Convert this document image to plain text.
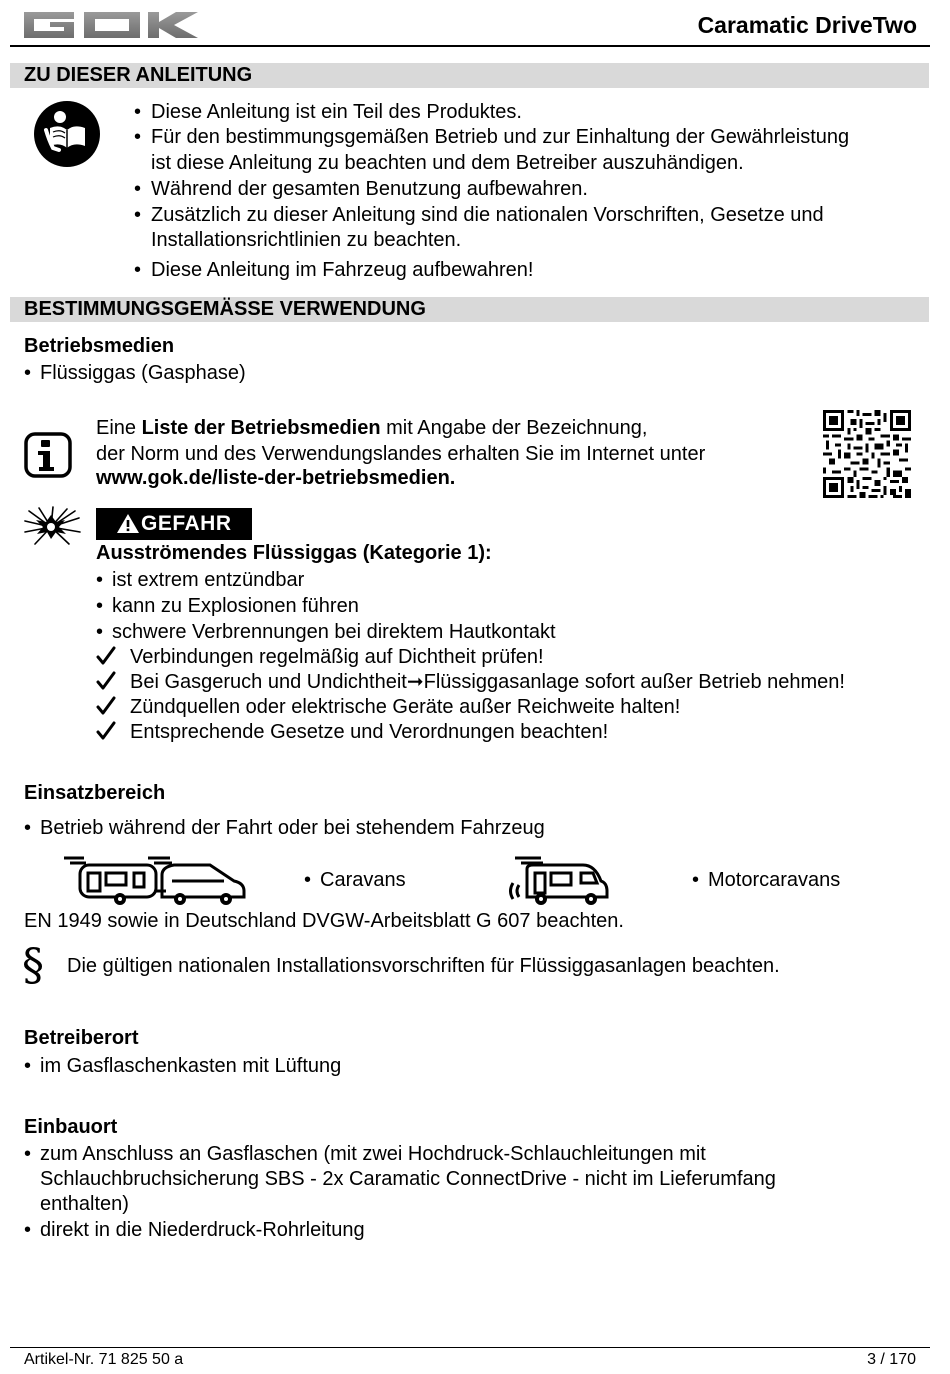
Caramatic DriveTwo
ZU DIESER ANLEITUNG
• Diese Anleitung ist ein Teil des Produktes.
• Für den bestimmungsgemäßen Betrieb und zur Einhaltung der Gewährleistung
ist diese Anleitung zu beachten und dem Betreiber auszuhändigen.
• Während der gesamten Benutzung aufbewahren.
• Zusätzlich zu dieser Anleitung sind die nationalen Vorschriften, Gesetze und
Installationsrichtlinien zu beachten.
• Diese Anleitung im Fahrzeug aufbewahren!
BESTIMMUNGSGEMÄSSE VERWENDUNG
Betriebsmedien
• Flüssiggas (Gasphase)
Eine Liste der Betriebsmedien mit Angabe der Bezeichnung,
der Norm und des Verwendungslandes erhalten Sie im Internet unter
www.gok.de/liste-der-betriebsmedien.
GEFAHR
Ausströmendes Flüssiggas (Kategorie 1):
• ist extrem entzündbar
• kann zu Explosionen führen
• schwere Verbrennungen bei direktem Hautkontakt
Verbindungen regelmäßig auf Dichtheit prüfen!
Bei Gasgeruch und Undichtheit➞Flüssiggasanlage sofort außer Betrieb nehmen!
Zündquellen oder elektrische Geräte außer Reichweite halten!
Entsprechende Gesetze und Verordnungen beachten!
Einsatzbereich
• Betrieb während der Fahrt oder bei stehendem Fahrzeug
• Caravans	• Motorcaravans
EN 1949 sowie in Deutschland DVGW-Arbeitsblatt G 607 beachten.
§ Die gültigen nationalen Installationsvorschriften für Flüssiggasanlagen beachten.
Betreiberort
• im Gasflaschenkasten mit Lüftung
Einbauort
• zum Anschluss an Gasflaschen (mit zwei Hochdruck-Schlauchleitungen mit
Schlauchbruchsicherung SBS - 2x Caramatic ConnectDrive - nicht im Lieferumfang
enthalten)
• direkt in die Niederdruck-Rohrleitung
Artikel-Nr. 71 825 50 a	3 / 170
